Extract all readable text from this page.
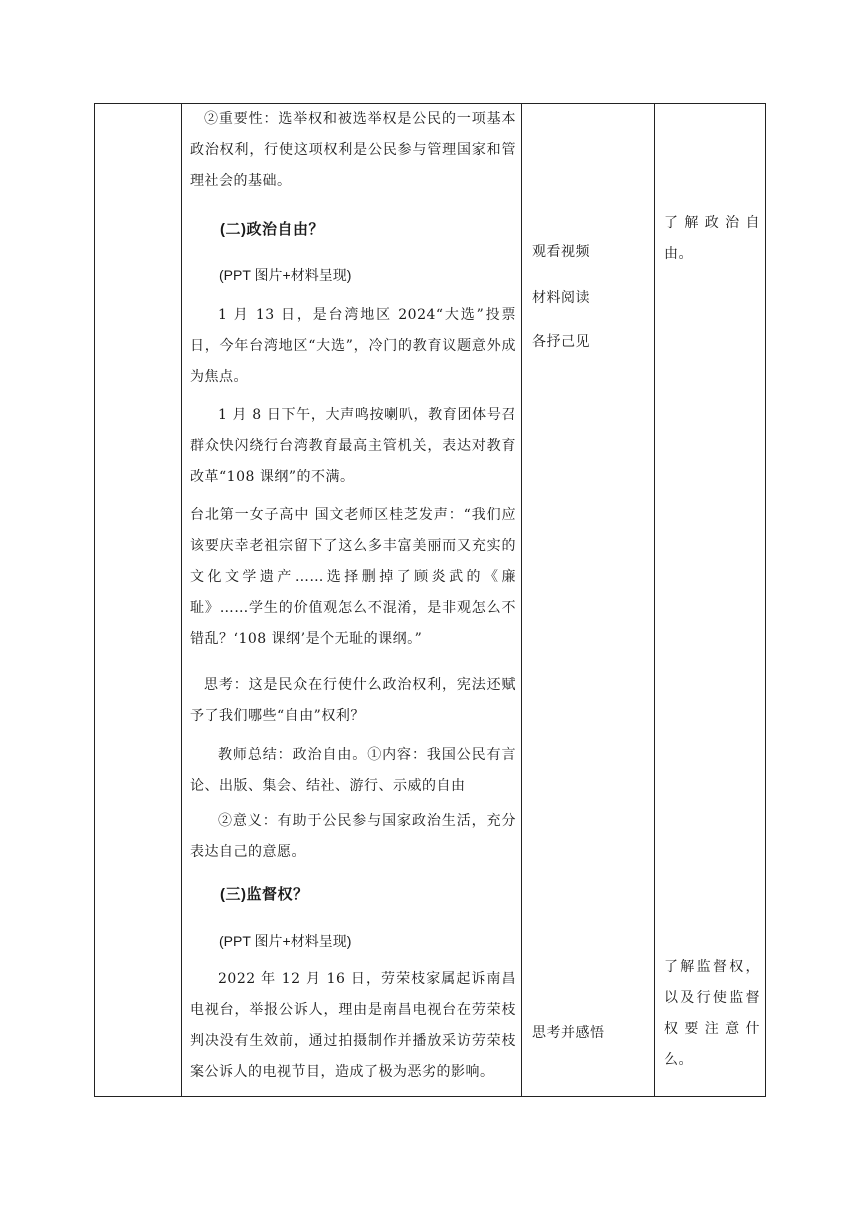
②重要性：选举权和被选举权是公民的一项基本政治权利，行使这项权利是公民参与管理国家和管理社会的基础。

(二)政治自由？

(PPT 图片+材料呈现)

1 月 13 日，是台湾地区 2024“大选”投票日，今年台湾地区“大选”，冷门的教育议题意外成为焦点。

1 月 8 日下午，大声鸣按喇叭，教育团体号召群众快闪绕行台湾教育最高主管机关，表达对教育改革“108 课纲”的不满。

台北第一女子高中 国文老师区桂芝发声：“我们应该要庆幸老祖宗留下了这么多丰富美丽而又充实的文化文学遗产……选择删掉了顾炎武的《廉耻》……学生的价值观怎么不混淆，是非观怎么不错乱？‘108 课纲’是个无耻的课纲。”

思考：这是民众在行使什么政治权利，宪法还赋予了我们哪些“自由”权利？

教师总结：政治自由。①内容：我国公民有言论、出版、集会、结社、游行、示威的自由

②意义：有助于公民参与国家政治生活，充分表达自己的意愿。

(三)监督权？

(PPT 图片+材料呈现)

2022 年 12 月 16 日，劳荣枝家属起诉南昌电视台，举报公诉人，理由是南昌电视台在劳荣枝判决没有生效前，通过拍摄制作并播放采访劳荣枝案公诉人的电视节目，造成了极为恶劣的影响。

观看视频
材料阅读
各抒己见
思考并感悟
了解政治自由。
了解监督权，以及行使监督权要注意什么。
